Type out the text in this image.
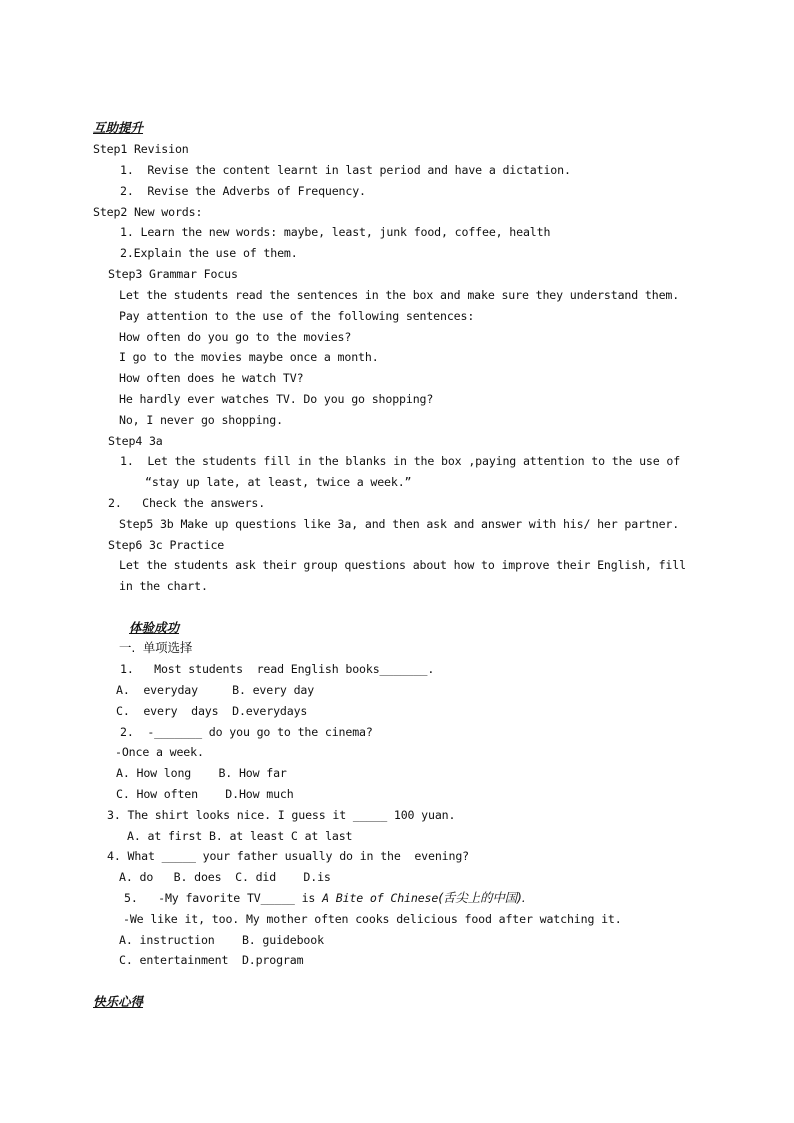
互助提升
Step1 Revision
1.  Revise the content learnt in last period and have a dictation.
2.  Revise the Adverbs of Frequency.
Step2 New words:
1. Learn the new words: maybe, least, junk food, coffee, health
2.Explain the use of them.
Step3 Grammar Focus
Let the students read the sentences in the box and make sure they understand them.
Pay attention to the use of the following sentences:
How often do you go to the movies?
I go to the movies maybe once a month.
How often does he watch TV?
He hardly ever watches TV. Do you go shopping?
No, I never go shopping.
Step4 3a
1.  Let the students fill in the blanks in the box ,paying attention to the use of
“stay up late, at least, twice a week.”
2.   Check the answers.
Step5 3b Make up questions like 3a, and then ask and answer with his/ her partner.
Step6 3c Practice
Let the students ask their group questions about how to improve their English, fill
in the chart.
体验成功
一.  单项选择
1.   Most students  read English books_______.
A.  everyday     B. every day
C.  every  days  D.everydays
2.  -_______ do you go to the cinema?
-Once a week.
A. How long    B. How far
C. How often    D.How much
3. The shirt looks nice. I guess it _____ 100 yuan.
A. at first B. at least C at last
4. What _____ your father usually do in the  evening?
A. do   B. does  C. did    D.is
5.   -My favorite TV_____ is A Bite of Chinese(舌尖上的中国).
-We like it, too. My mother often cooks delicious food after watching it.
A. instruction    B. guidebook
C. entertainment  D.program
快乐心得
